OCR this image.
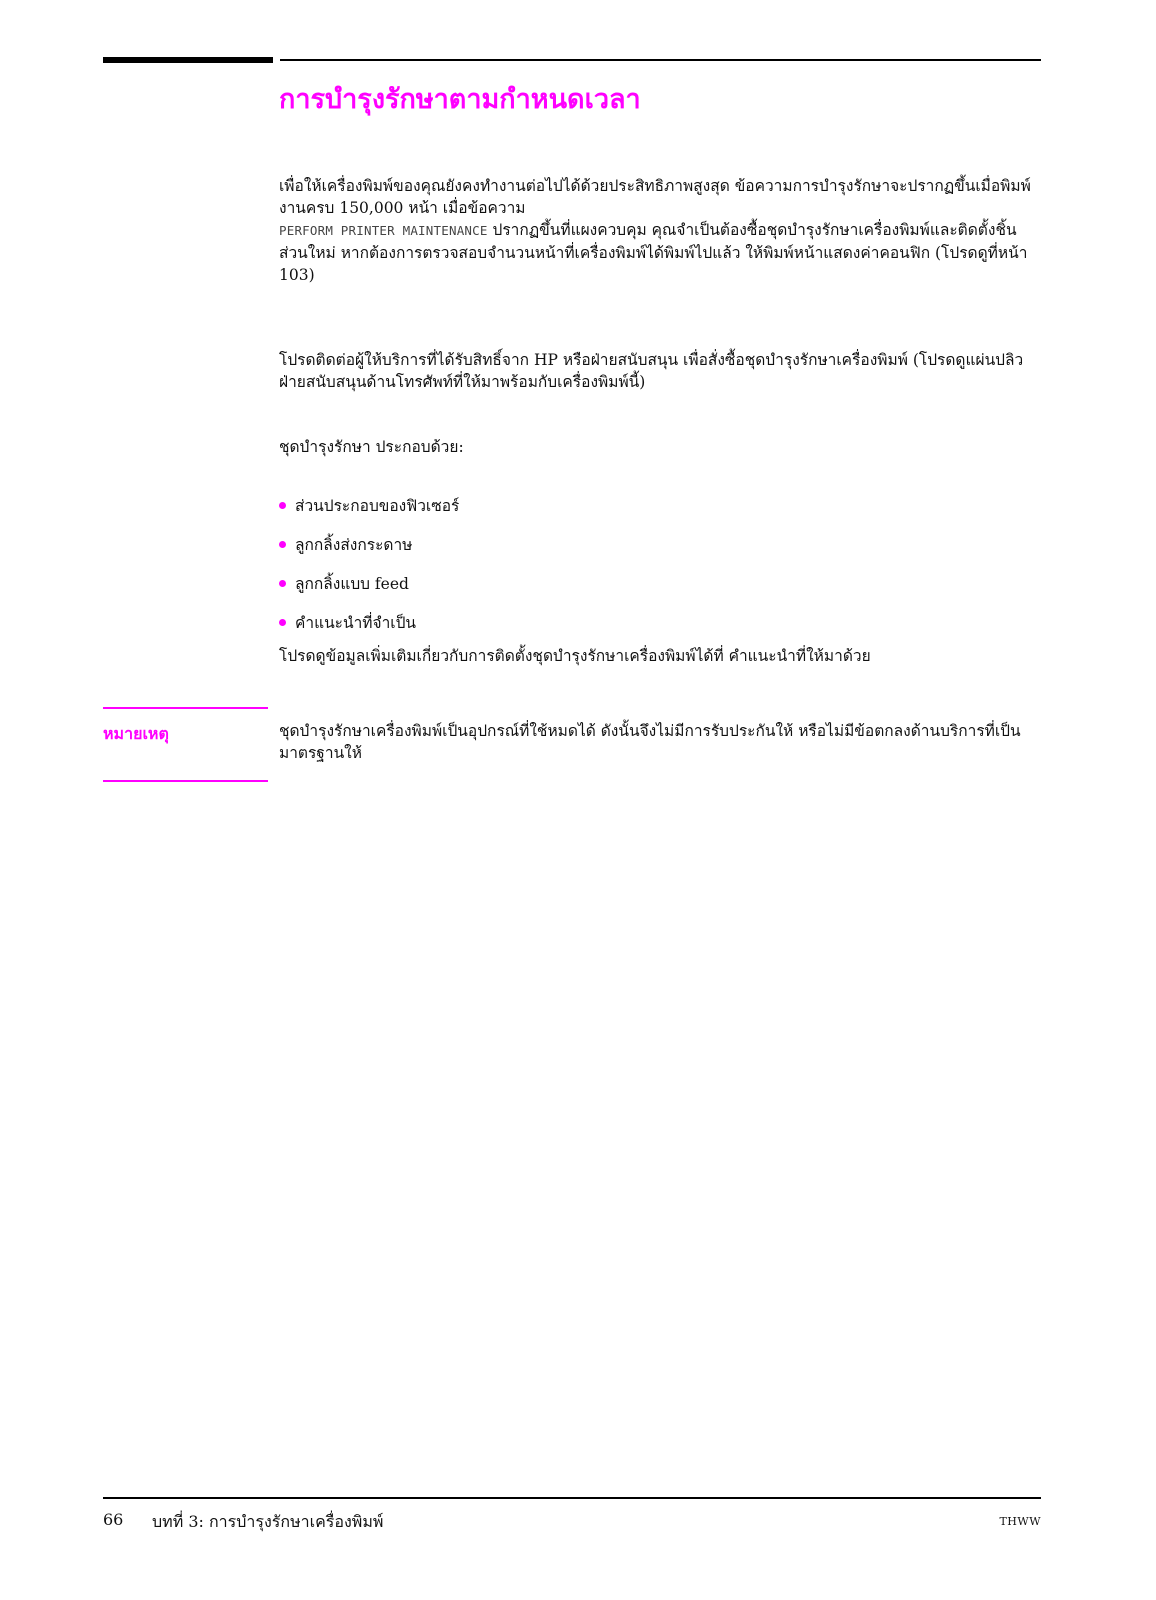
การบำรุงรักษาตามกำหนดเวลา

เพื่อให้เครื่องพิมพ์ของคุณยังคงทำงานต่อไปได้ด้วยประสิทธิภาพสูงสุด ข้อความการบำรุงรักษาจะปรากฏขึ้นเมื่อพิมพ์งานครบ 150,000 หน้า เมื่อข้อความ
PERFORM PRINTER MAINTENANCE ปรากฏขึ้นที่แผงควบคุม คุณจำเป็นต้องซื้อชุดบำรุงรักษาเครื่องพิมพ์และติดตั้งชิ้นส่วนใหม่ หากต้องการตรวจสอบจำนวนหน้าที่เครื่องพิมพ์ได้พิมพ์ไปแล้ว ให้พิมพ์หน้าแสดงค่าคอนฟิก (โปรดดูที่หน้า 103)

โปรดติดต่อผู้ให้บริการที่ได้รับสิทธิ์จาก HP หรือฝ่ายสนับสนุน เพื่อสั่งซื้อชุดบำรุงรักษาเครื่องพิมพ์ (โปรดดูแผ่นปลิวฝ่ายสนับสนุนด้านโทรศัพท์ที่ให้มาพร้อมกับเครื่องพิมพ์นี้)

ชุดบำรุงรักษา ประกอบด้วย:

ส่วนประกอบของฟิวเซอร์
ลูกกลิ้งส่งกระดาษ
ลูกกลิ้งแบบ feed
คำแนะนำที่จำเป็น

โปรดดูข้อมูลเพิ่มเติมเกี่ยวกับการติดตั้งชุดบำรุงรักษาเครื่องพิมพ์ได้ที่ คำแนะนำที่ให้มาด้วย

หมายเหตุ	ชุดบำรุงรักษาเครื่องพิมพ์เป็นอุปกรณ์ที่ใช้หมดได้ ดังนั้นจึงไม่มีการรับประกันให้ หรือไม่มีข้อตกลงด้านบริการที่เป็นมาตรฐานให้

66 บทที่ 3: การบำรุงรักษาเครื่องพิมพ์	THWW
